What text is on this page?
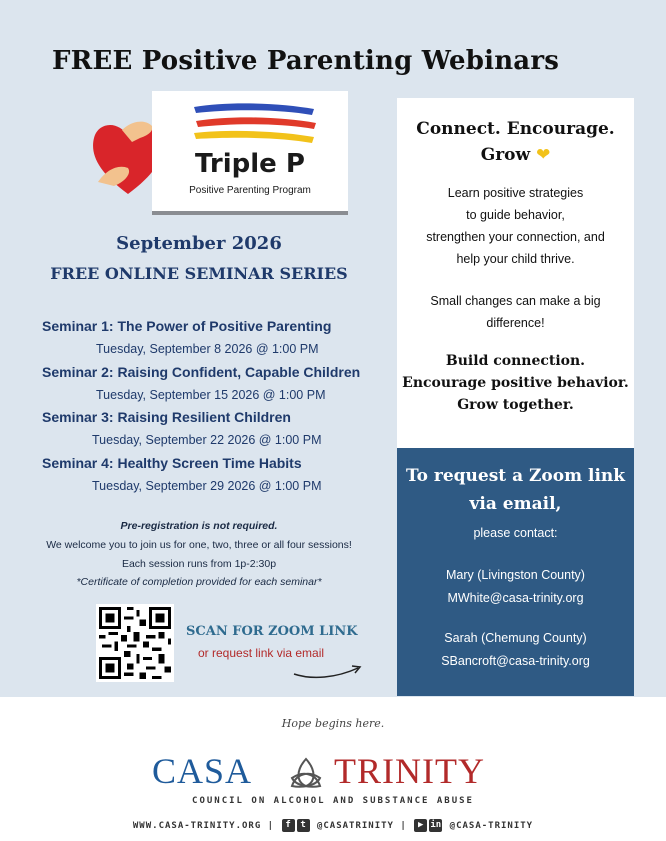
FREE Positive Parenting Webinars
Triple P
Positive Parenting Program
September 2026
FREE ONLINE SEMINAR SERIES
Seminar 1: The Power of Positive Parenting
Tuesday, September 8 2026 @ 1:00 PM
Seminar 2: Raising Confident, Capable Children
Tuesday, September 15 2026 @ 1:00 PM
Seminar 3: Raising Resilient Children
Tuesday, September 22 2026 @ 1:00 PM
Seminar 4: Healthy Screen Time Habits
Tuesday, September 29 2026 @ 1:00 PM
Pre-registration is not required.
We welcome you to join us for one, two, three or all four sessions!
Each session runs from 1p-2:30p
*Certificate of completion provided for each seminar*
SCAN FOR ZOOM LINK
or request link via email
Connect. Encourage.
Grow ❤
Learn positive strategies
to guide behavior,
strengthen your connection, and
help your child thrive.
Small changes can make a big
difference!
Build connection.
Encourage positive behavior.
Grow together.
To request a Zoom link
via email,
please contact:
Mary (Livingston County)
MWhite@casa-trinity.org
Sarah (Chemung County)
SBancroft@casa-trinity.org
Hope begins here.
CASA TRINITY
COUNCIL ON ALCOHOL AND SUBSTANCE ABUSE
WWW.CASA-TRINITY.ORG | f t @CASATRINITY | ▶ in @CASA-TRINITY
